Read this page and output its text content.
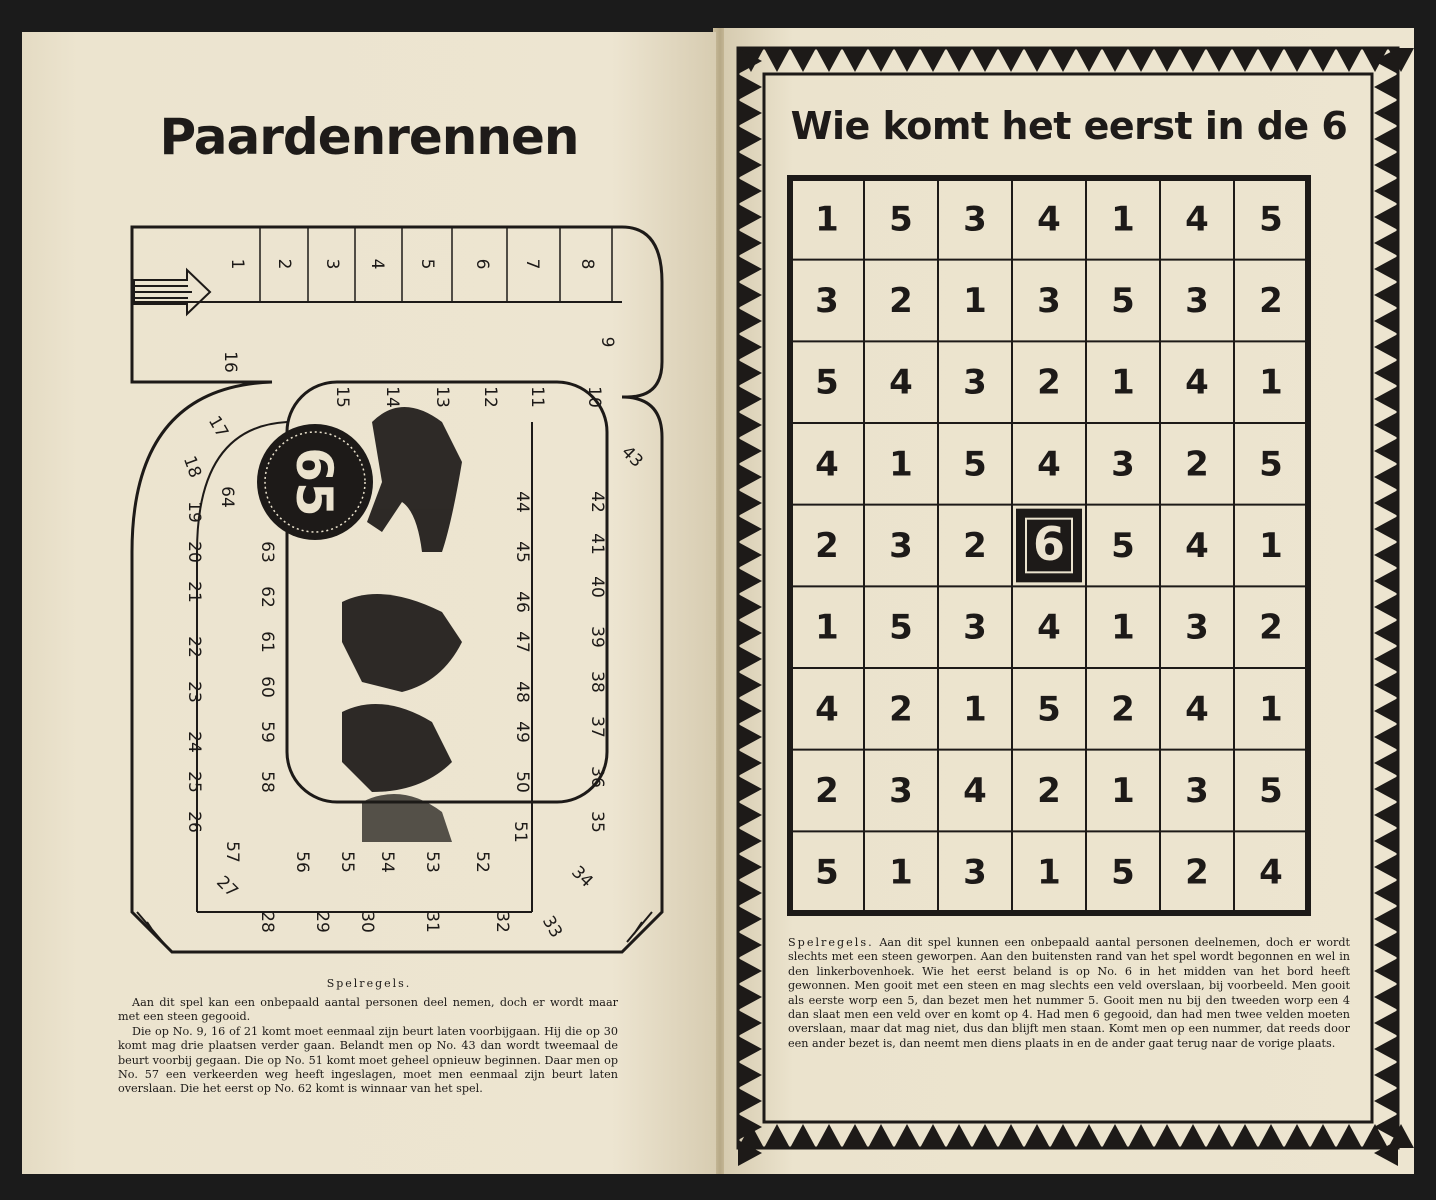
Paardenrennen
65
1 2 3 4 5 6 7 8
9
10
11
12
13
14
15
16
17
18
19
20
21
22
23
24
25
26
27
28 29 30	31	32 33
34
35
36
37
38
39
40
41
42
43
44
45
46
47
48
49
50
51
52
53
54
55
56
57
58
59
60
61
62
63
64
Spelregels.

Aan dit spel kan een onbepaald aantal personen deel nemen, doch er wordt maar met een steen gegooid.

Die op No. 9, 16 of 21 komt moet eenmaal zijn beurt laten voorbijgaan. Hij die op 30 komt mag drie plaatsen verder gaan. Belandt men op No. 43 dan wordt tweemaal de beurt voorbij gegaan. Die op No. 51 komt moet geheel opnieuw beginnen. Daar men op No. 57 een verkeerden weg heeft ingeslagen, moet men eenmaal zijn beurt laten overslaan. Die het eerst op No. 62 komt is winnaar van het spel.

Wie komt het eerst in de 6
1 5 3 4 1 4 5
3 2 1 3 5 3 2
5 4 3 2 1 4 1
4 1 5 4 3 2 5
2 3 2 6 5 4 1
1 5 3 4 1 3 2
4 2 1 5 2 4 1
2 3 4 2 1 3 5
5 1 3 1 5 2 4
Spelregels. Aan dit spel kunnen een onbepaald aantal personen deelnemen, doch er wordt slechts met een steen geworpen. Aan den buitensten rand van het spel wordt begonnen en wel in den linkerbovenhoek. Wie het eerst beland is op No. 6 in het midden van het bord heeft gewonnen. Men gooit met een steen en mag slechts een veld overslaan, bij voorbeeld. Men gooit als eerste worp een 5, dan bezet men het nummer 5. Gooit men nu bij den tweeden worp een 4 dan slaat men een veld over en komt op 4. Had men 6 gegooid, dan had men twee velden moeten overslaan, maar dat mag niet, dus dan blijft men staan. Komt men op een nummer, dat reeds door een ander bezet is, dan neemt men diens plaats in en de ander gaat terug naar de vorige plaats.
